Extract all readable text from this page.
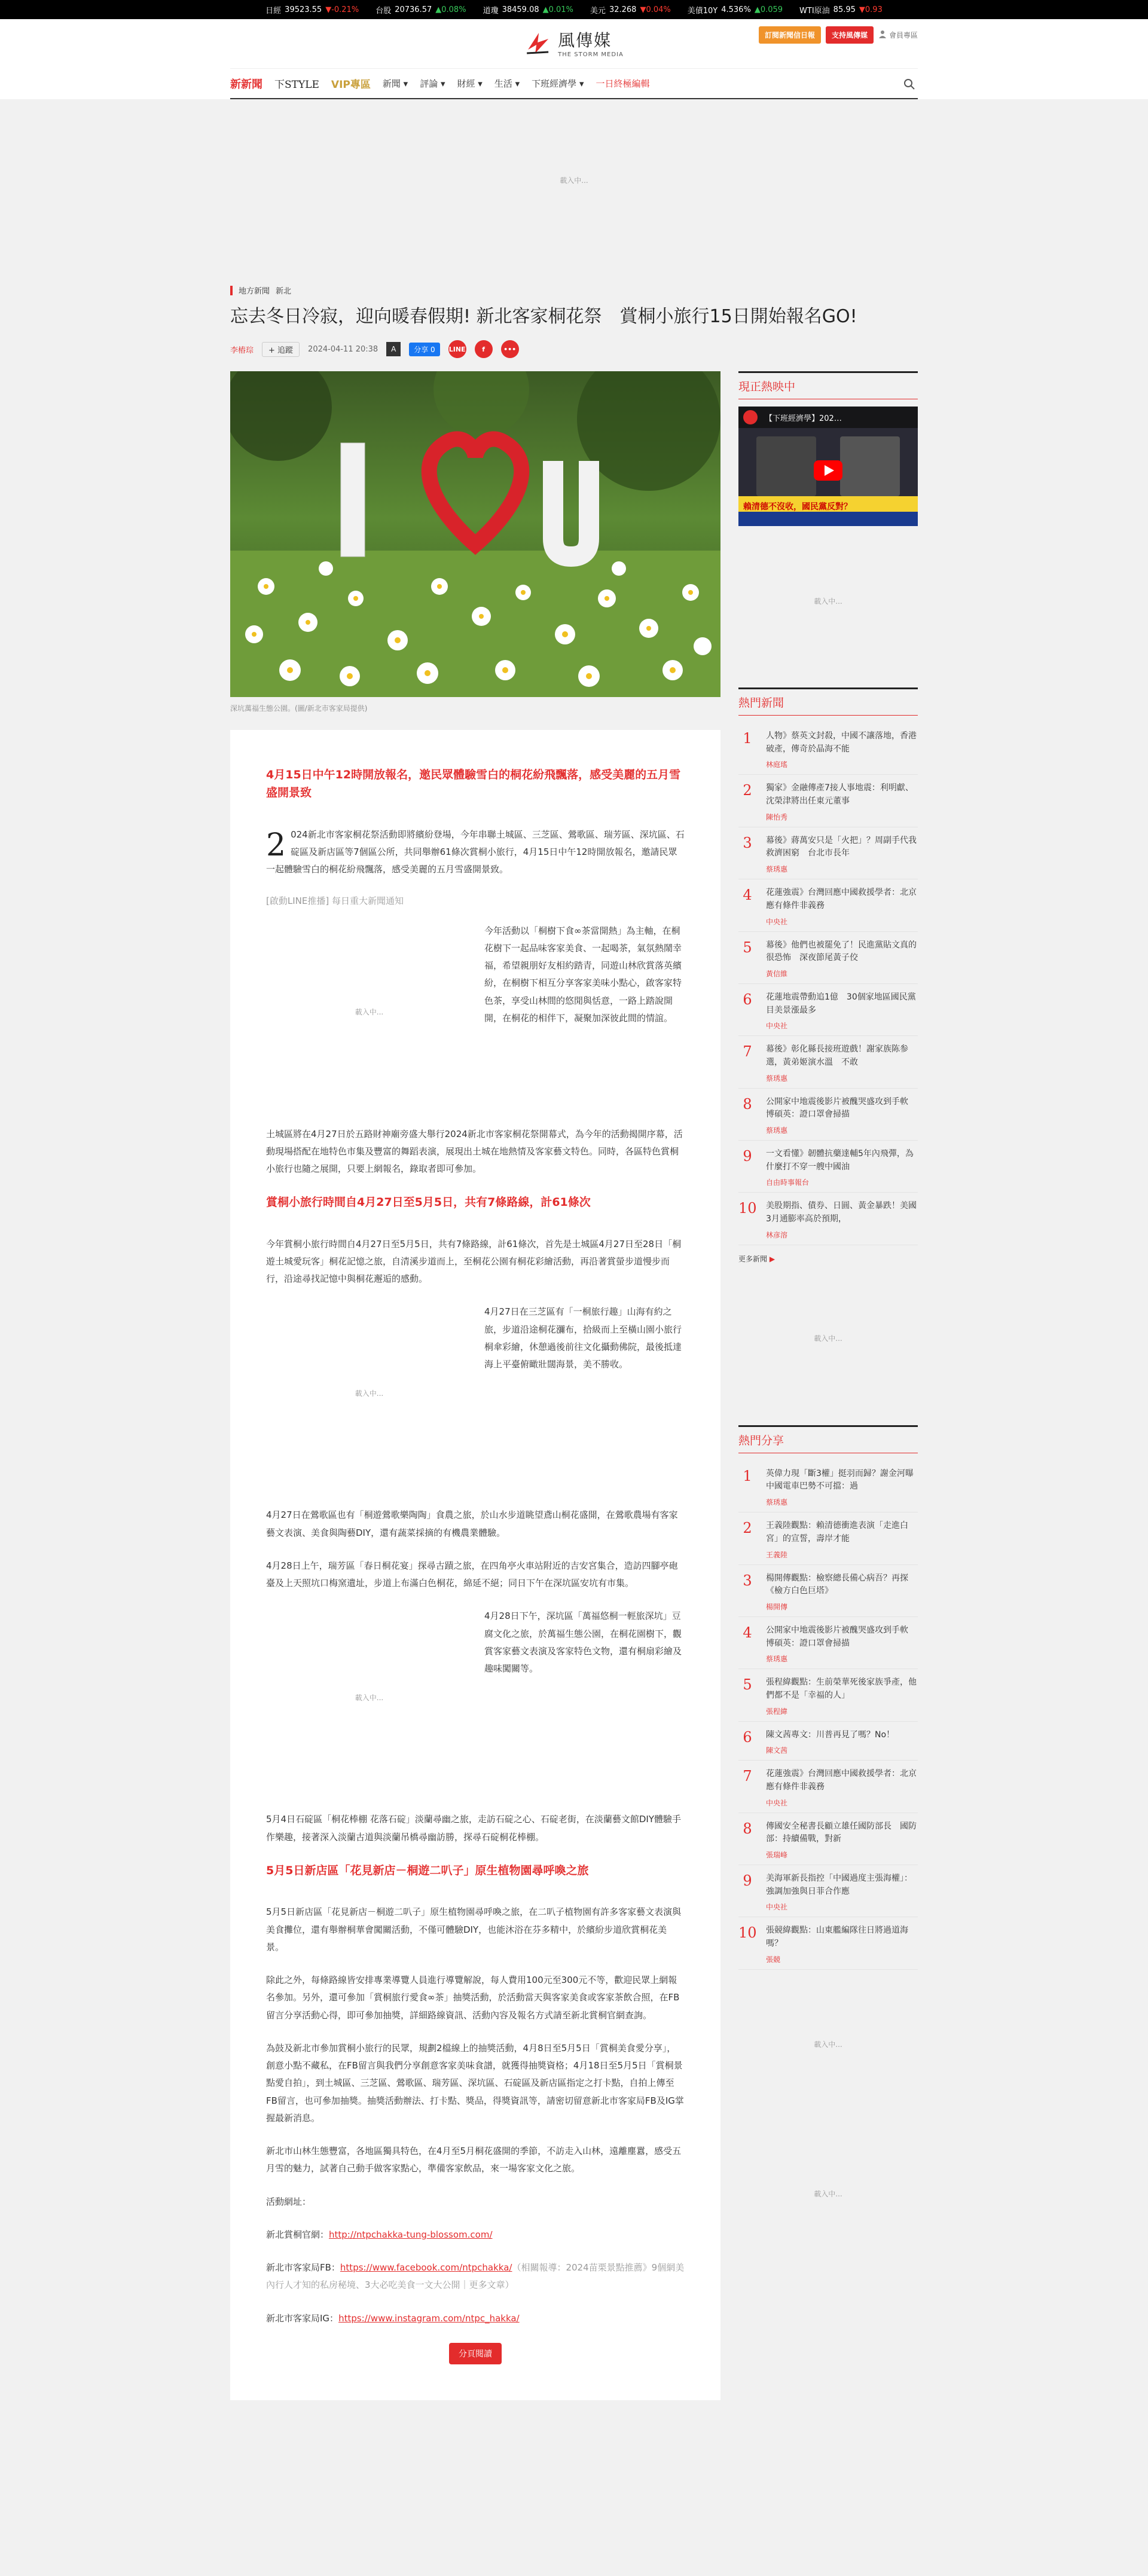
日經 39523.55 ▼-0.21% 台股 20736.57 ▲0.08% 道瓊 38459.08 ▲0.01% 美元 32.268 ▼0.04% 美債10Y 4.536% ▲0.059 WTI原油 85.95 ▼0.93
風傳媒
THE STORM MEDIA
訂閱新聞信日報	支持風傳媒	會員專區
新新聞 下STYLE VIP專區 新聞 ▾ 評論 ▾ 財經 ▾ 生活 ▾ 下班經濟學 ▾ 一日終極編輯
載入中...
地方新聞 新北
忘去冬日冷寂，迎向暖春假期! 新北客家桐花祭　賞桐小旅行15日開始報名GO!
李樁琮	+ 追蹤	2024-04-11 20:38	A	分享 0	LINE	f	•••
深坑萬福生態公園。(圖/新北市客家局提供)
4月15日中午12時開放報名，邀民眾體驗雪白的桐花紛飛飄落，感受美麗的五月雪盛開景致

2 024新北市客家桐花祭活動即將繽紛登場，今年串聯土城區、三芝區、鶯歌區、瑞芳區、深坑區、石碇區及新店區等7個區公所，共同舉辦61條次賞桐小旅行，4月15日中午12時開放報名，邀請民眾一起體驗雪白的桐花紛飛飄落，感受美麗的五月雪盛開景致。

[啟動LINE推播] 每日重大新聞通知
載入中...
今年活動以「桐樹下食∞茶當開熱」為主軸，在桐花樹下一起品味客家美食、一起喝茶，氣氛熱鬧幸福，希望親朋好友相約踏青，同遊山林欣賞落英繽紛，在桐樹下相互分享客家美味小點心，啟客家特色茶，享受山林間的悠閒與恬意，一路上踏說開開，在桐花的相伴下，凝聚加深彼此間的情誼。

土城區將在4月27日於五路財神廟旁盛大舉行2024新北市客家桐花祭開幕式，為今年的活動揭開序幕，活動現場搭配在地特色市集及豐富的舞蹈表演，展現出土城在地熱情及客家藝文特色。同時，各區特色賞桐小旅行也隨之展開，只要上網報名，錄取者即可參加。

賞桐小旅行時間自4月27日至5月5日，共有7條路線，計61條次

今年賞桐小旅行時間自4月27日至5月5日，共有7條路線，計61條次，首先是土城區4月27日至28日「桐遊土城愛玩客」桐花記憶之旅，自清溪步道而上，至桐花公園有桐花彩繪活動，再沿著賞螢步道慢步而行，沿途尋找記憶中與桐花邂逅的感動。

載入中...
4月27日在三芝區有「一桐旅行趣」山海有約之旅，步道沿途桐花瀰布，拾級而上至橫山園小旅行桐傘彩繪，休憩過後前往文化攝動佛院，最後抵達海上平臺俯瞰壯闊海景，美不勝收。

4月27日在鶯歌區也有「桐遊鶯歌樂陶陶」食農之旅，於山水步道眺望鳶山桐花盛開，在鶯歌農場有客家藝文表演、美食與陶藝DIY，還有蔬菜採摘的有機農業體驗。

4月28日上午，瑞芳區「春日桐花宴」探尋古蹟之旅，在四角亭火車站附近的吉安宮集合，造訪四腳亭砲臺及上天照坑口梅窯遺址，步道上布滿白色桐花，綿延不絕；同日下午在深坑區安坑有市集。

載入中...
4月28日下午，深坑區「萬福悠桐一輕旅深坑」豆腐文化之旅，於萬福生態公園，在桐花園樹下，觀賞客家藝文表演及客家特色文物，還有桐扇彩繪及趣味闖關等。

5月4日石碇區「桐花棒棚 花落石碇」淡蘭尋幽之旅，走訪石碇之心、石碇老街，在淡蘭藝文館DIY體驗手作樂趣，接著深入淡蘭古道與淡蘭吊橋尋幽訪勝，探尋石碇桐花棒棚。

5月5日新店區「花見新店－桐遊二叭子」原生植物園尋呼喚之旅

5月5日新店區「花見新店－桐遊二叭子」原生植物園尋呼喚之旅，在二叭子植物園有許多客家藝文表演與美食攤位，還有舉辦桐華會闖關活動，不僅可體驗DIY，也能沐浴在芬多精中，於繽紛步道欣賞桐花美景。

除此之外，每條路線皆安排專業導覽人員進行導覽解說，每人費用100元至300元不等，歡迎民眾上網報名參加。另外，還可參加「賞桐旅行愛食∞茶」抽獎活動，於活動當天與客家美食或客家茶飲合照，在FB留言分享活動心得，即可參加抽獎，詳細路線資訊、活動內容及報名方式請至新北賞桐官網查詢。

為鼓及新北市參加賞桐小旅行的民眾，規劃2檔線上的抽獎活動，4月8日至5月5日「賞桐美食愛分享」，創意小點不藏私，在FB留言與我們分享創意客家美味食譜，就獲得抽獎資格；4月18日至5月5日「賞桐景點愛自拍」，到土城區、三芝區、鶯歌區、瑞芳區、深坑區、石碇區及新店區指定之打卡點，自拍上傳至FB留言，也可參加抽獎。抽獎活動辦法、打卡點、獎品，得獎資訊等，請密切留意新北市客家局FB及IG掌握最新消息。

新北市山林生態豐富，各地區獨具特色，在4月至5月桐花盛開的季節，不訪走入山林，遠離塵囂，感受五月雪的魅力，試著自己動手做客家點心，準備客家飲品，來一場客家文化之旅。

活動網址：

新北賞桐官網：http://ntpchakka-tung-blossom.com/

新北市客家局FB：https://www.facebook.com/ntpchakka/（相關報導：2024苗栗景點推薦》9個網美內行人才知的私房秘境、3大必吃美食一文大公開｜更多文章）

新北市客家局IG：https://www.instagram.com/ntpc_hakka/

分頁閱讀
現正熱映中
【下班經濟學】202…
賴清德不沒收，國民黨反對？
載入中...
熱門新聞
1	人物》蔡英文封殺，中國不讓落地，香港破產，傳奇於晶海不能
林庭瑤
2	獨家》金融傳產7接人事地震：利明獻、沈榮津將出任東元董事
陳怡秀
3	幕後》蔣萬安只是「火把」？周副手代我救濟困窮　台北市長年
蔡琇惠
4	花蓮強震》台灣回應中國救援學者：北京應有條件非義務
中央社
5	幕後》他們也被罷免了！民進黨貼文真的很恐怖　深夜節尾黃子佼
黃信維
6	花蓮地震帶動追1億　30個家地區國民黨目美景漲最多
中央社
7	幕後》彰化縣長接班遊戲！謝家族陈参選，黃弟姬演水溫　不敢
蔡琇惠
8	公開家中地震後影片被醜哭盛攻到手軟　博碩英：證口罩會掃描
蔡琇惠
9	一文看懂》韌體抗藥達輔5年內飛彈，為什麼打不穿一艘中國油
自由時事報台
10 美股期指、債券、日圓、黃金暴跌！美國3月通膨率高於預期，
林彦溶
更多新聞 ▶
載入中...
熱門分享
1	英偉力現「斷3權」挺羽而歸？謝金河曝中國電車巴勢不可擋：過
蔡琇惠
2	王義陸觀點：賴清德衝進表演「走進白宮」的宣誓，壽岸才能
王義陸
3	楊開傳觀點：檢察總長備心病吾？再探《檢方白色巨塔》
楊開傳
4	公開家中地震後影片被醜哭盛攻到手軟　博碩英：證口罩會掃描
蔡琇惠
5	張程緯觀點：生前榮華死後家族爭產，他們都不是「幸福的人」
張程緯
6	陳文茜專文：川普再見了嗎？No！
陳文茜
7	花蓮強震》台灣回應中國救援學者：北京應有條件非義務
中央社
8	傳國安全秘書長顧立雄任國防部長　國防部：持續備戰，對新
張瑞峰
9	美海軍新長指控「中國過度主張海權」：強調加強與日菲合作應
中央社
10 張競緯觀點：山東艦編隊往日將過道海嗎？
張競
載入中...
載入中...
